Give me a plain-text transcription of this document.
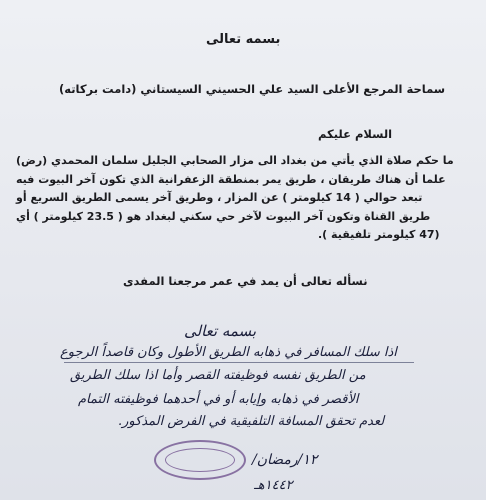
بسمه تعالى
سماحة المرجع الأعلى السيد علي الحسيني السيستاني (دامت بركاته)
السلام عليكم
ما حكم صلاة الذي يأتي من بغداد الى مزار الصحابي الجليل سلمان المحمدي (رض)
علما أن هناك طريقان ، طريق يمر بمنطقة الزعفرانية الذي تكون آخر البيوت فيه
تبعد حوالي ( 14 كيلومتر ) عن المزار ، وطريق آخر يسمى الطريق السريع أو
طريق القناة وتكون آخر البيوت لآخر حي سكني لبغداد هو ( 23.5 كيلومتر ) أي
(47 كيلومتر تلفيقية ).
نسأله تعالى أن يمد في عمر مرجعنا المفدى
بسمه تعالى
اذا سلك المسافر في ذهابه الطريق الأطول وكان قاصداً الرجوع
من الطريق نفسه فوظيفته القصر وأما اذا سلك الطريق
الأقصر في ذهابه وإيابه أو في أحدهما فوظيفته التمام
لعدم تحقق المسافة التلفيقية في الفرض المذكور.
١٢/رمضان/
١٤٤٢هـ
